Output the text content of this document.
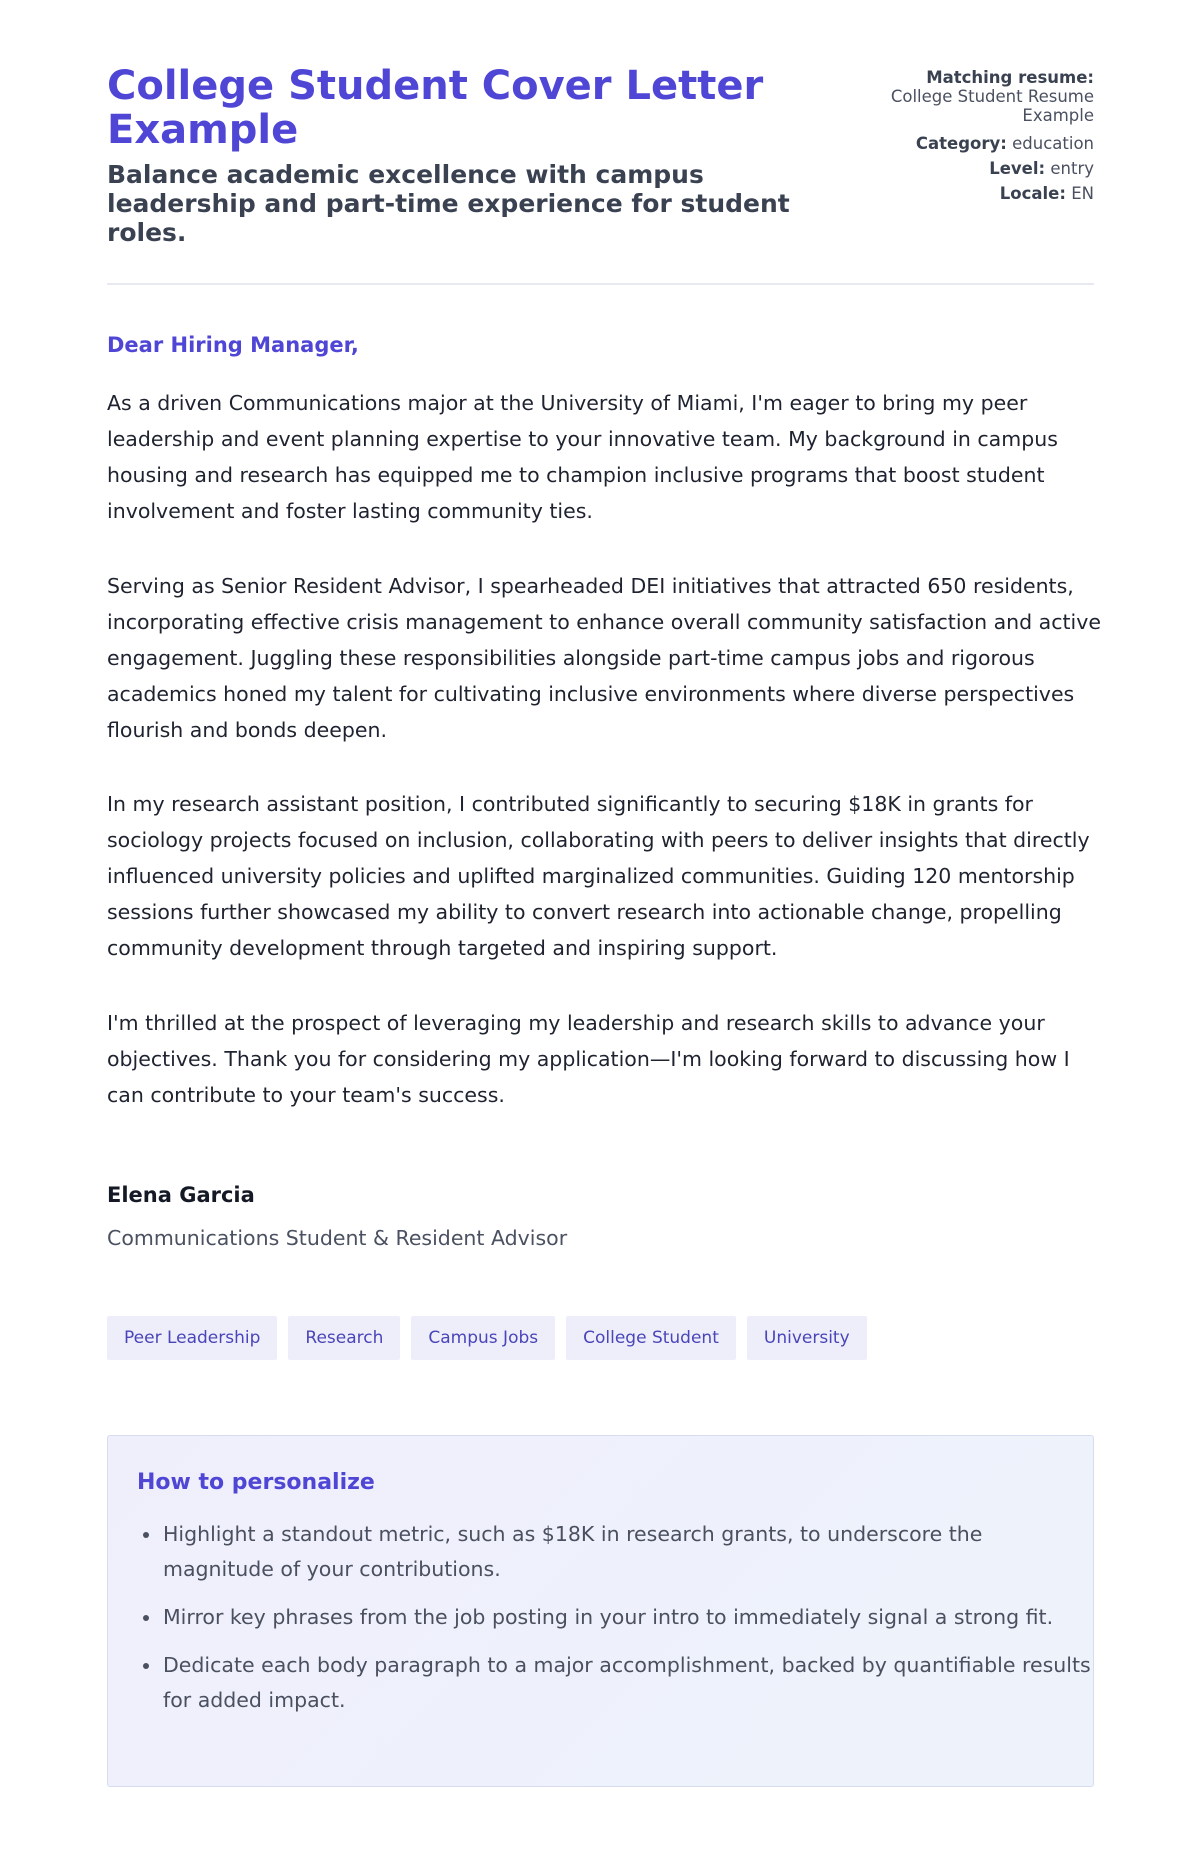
College Student Cover Letter Example
Balance academic excellence with campus leadership and part-time experience for student roles.
Matching resume:
College Student Resume Example
Category: education
Level: entry
Locale: EN

Dear Hiring Manager,

As a driven Communications major at the University of Miami, I'm eager to bring my peer leadership and event planning expertise to your innovative team. My background in campus housing and research has equipped me to champion inclusive programs that boost student involvement and foster lasting community ties.

Serving as Senior Resident Advisor, I spearheaded DEI initiatives that attracted 650 residents, incorporating effective crisis management to enhance overall community satisfaction and active engagement. Juggling these responsibilities alongside part-time campus jobs and rigorous academics honed my talent for cultivating inclusive environments where diverse perspectives flourish and bonds deepen.

In my research assistant position, I contributed significantly to securing $18K in grants for sociology projects focused on inclusion, collaborating with peers to deliver insights that directly influenced university policies and uplifted marginalized communities. Guiding 120 mentorship sessions further showcased my ability to convert research into actionable change, propelling community development through targeted and inspiring support.

I'm thrilled at the prospect of leveraging my leadership and research skills to advance your objectives. Thank you for considering my application—I'm looking forward to discussing how I can contribute to your team's success.

Elena Garcia
Communications Student & Resident Advisor
Peer Leadership	Research	Campus Jobs	College Student	University
How to personalize
• Highlight a standout metric, such as $18K in research grants, to underscore the magnitude of your contributions.
• Mirror key phrases from the job posting in your intro to immediately signal a strong fit.
• Dedicate each body paragraph to a major accomplishment, backed by quantifiable results for added impact.
